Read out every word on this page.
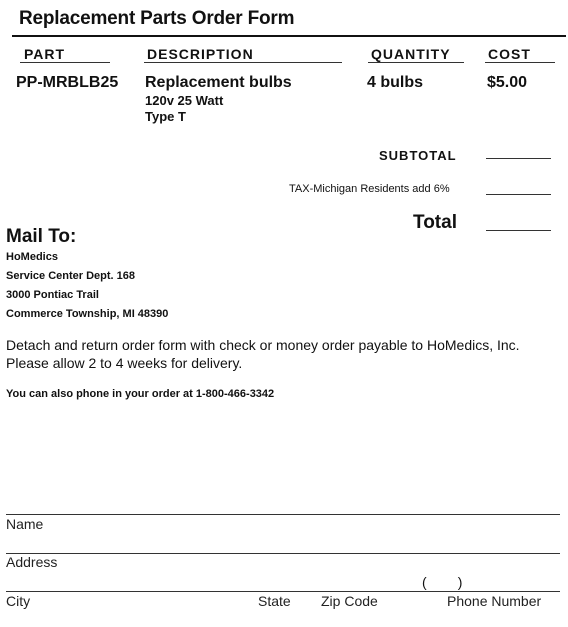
Replacement Parts Order Form
PART	DESCRIPTION	QUANTITY	COST
PP-MRBLB25 Replacement bulbs
120v 25 Watt
Type T
4 bulbs	$5.00
SUBTOTAL
TAX-Michigan Residents add 6%
Total
Mail To:
HoMedics
Service Center Dept. 168
3000 Pontiac Trail
Commerce Township, MI 48390
Detach and return order form with check or money order payable to HoMedics, Inc.
Please allow 2 to 4 weeks for delivery.
You can also phone in your order at 1-800-466-3342
Name
Address
(        )
City	State Zip Code	Phone Number
